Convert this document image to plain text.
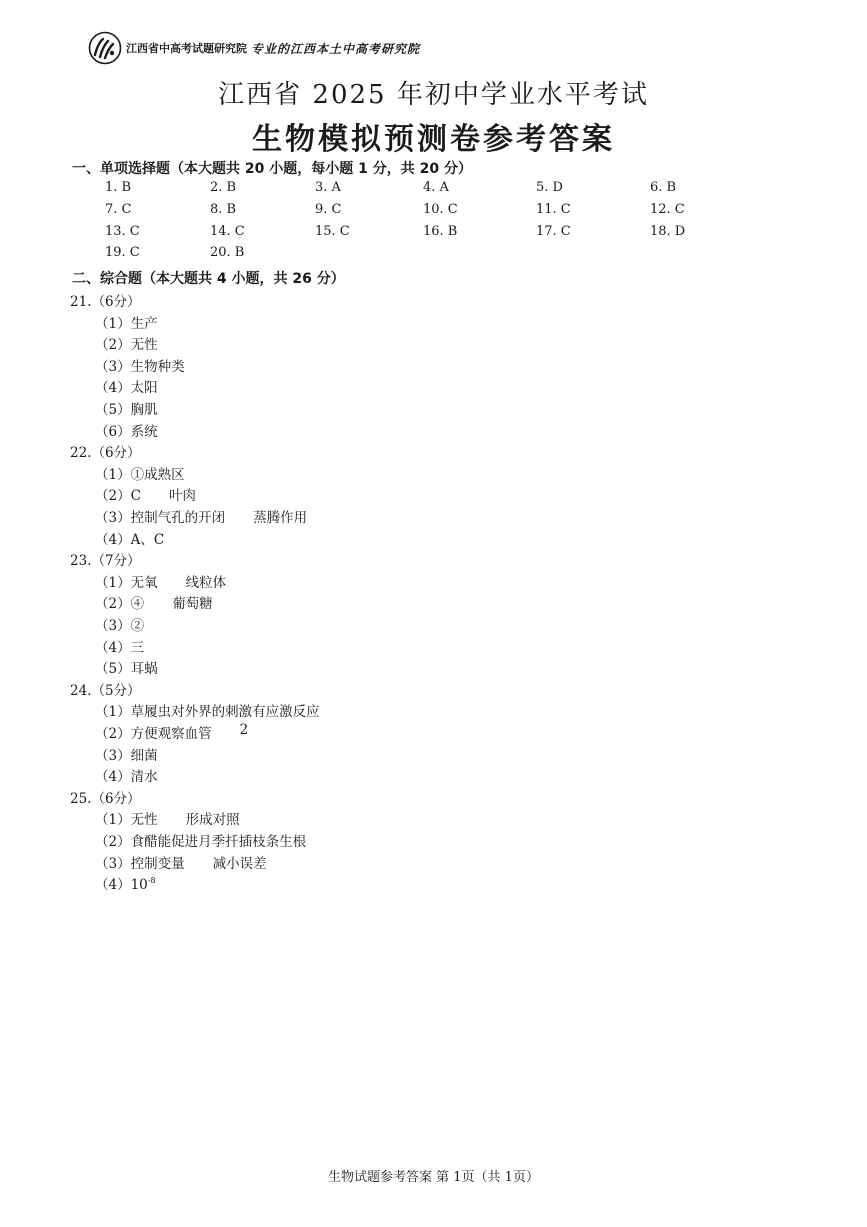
江西省中高考试题研究院 专业的江西本土中高考研究院
江西省 2025 年初中学业水平考试
生物模拟预测卷参考答案
一、单项选择题（本大题共 20 小题，每小题 1 分，共 20 分）
1. B	2. B	3. A	4. A	5. D	6. B
7. C	8. B	9. C	10. C	11. C	12. C
13. C	14. C	15. C	16. B	17. C	18. D
19. C	20. B
二、综合题（本大题共 4 小题，共 26 分）
21.（6分）
（1）生产
（2）无性
（3）生物种类
（4）太阳
（5）胸肌
（6）系统
22.（6分）
（1）①成熟区
（2）C 叶肉
（3）控制气孔的开闭 蒸腾作用
（4）A、C
23.（7分）
（1）无氧 线粒体
（2）④ 葡萄糖
（3）②
（4）三
（5）耳蜗
24.（5分）
（1）草履虫对外界的刺激有应激反应
（2）方便观察血管 2
（3）细菌
（4）清水
25.（6分）
（1）无性 形成对照
（2）食醋能促进月季扦插枝条生根
（3）控制变量 减小误差
$(4)10^{-8}$
生物试题参考答案 第 1页（共 1页）
